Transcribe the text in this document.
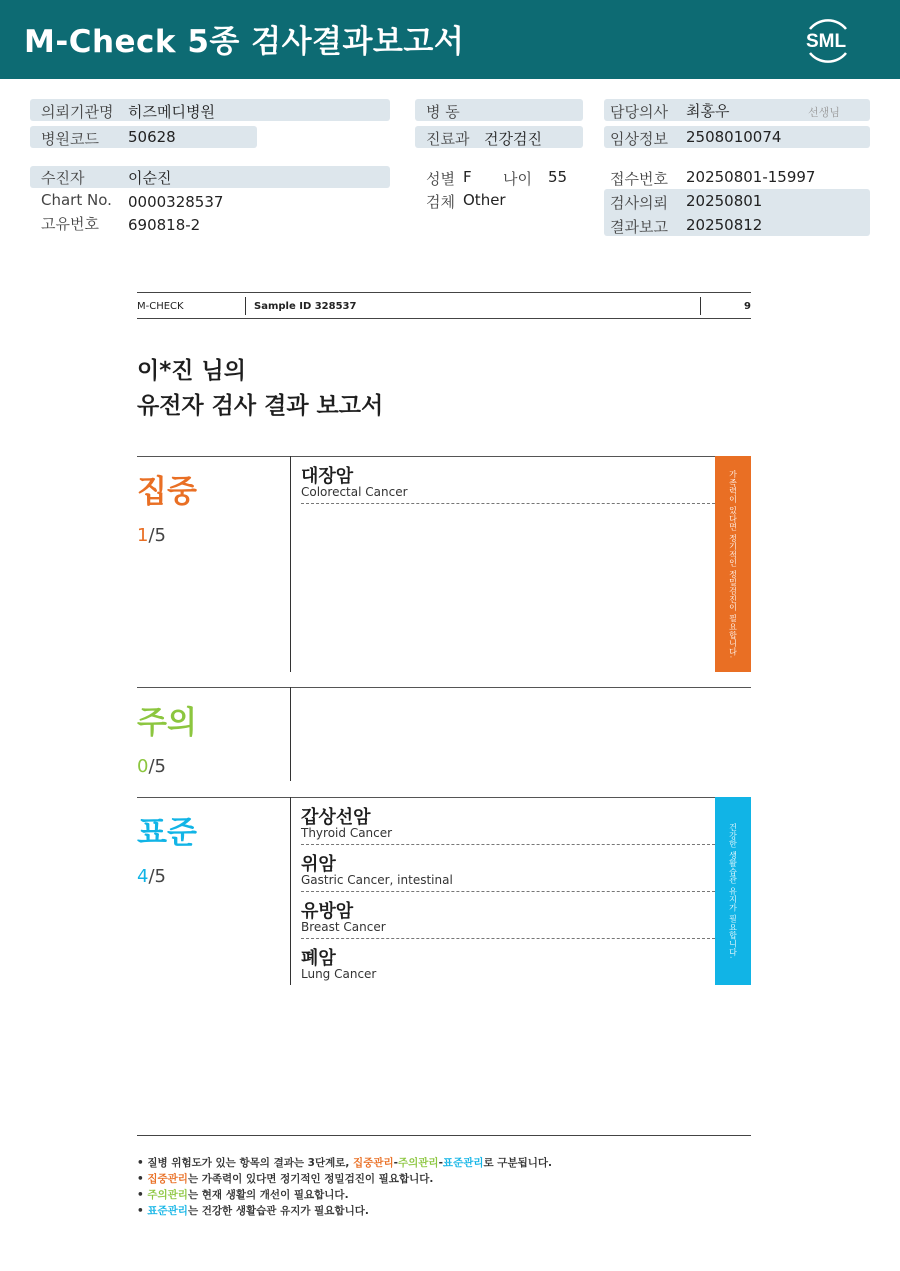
M-Check 5종 검사결과보고서	SML
의뢰기관명 히즈메디병원
병원코드 50628
수진자	이순진
Chart No. 0000328537
고유번호 690818-2
병 동
진료과 건강검진
성별 F 나이 55
검체 Other
담당의사 최홍우	선생님
임상정보 2508010074
접수번호 20250801-15997
검사의뢰 20250801
결과보고 20250812
M-CHECK	Sample ID 328537	9
이*진 님의
유전자 검사 결과 보고서
집중
1/5
대장암
Colorectal Cancer	가족력이 있다면 정기적인 정밀검진이 필요합니다.
주의
0/5
표준
4/5
갑상선암
Thyroid Cancer
위암
Gastric Cancer, intestinal
유방암
Breast Cancer
폐암
Lung Cancer
건강한 생활습관 유지가 필요합니다.
• 질병 위험도가 있는 항목의 결과는 3단계로, 집중관리-주의관리-표준관리로 구분됩니다.
• 집중관리는 가족력이 있다면 정기적인 정밀검진이 필요합니다.
• 주의관리는 현재 생활의 개선이 필요합니다.
• 표준관리는 건강한 생활습관 유지가 필요합니다.
